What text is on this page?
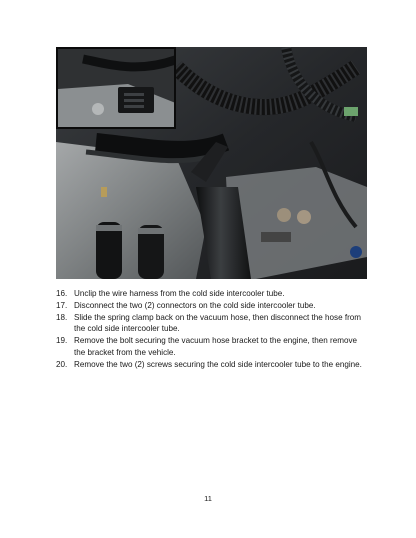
16. Unclip the wire harness from the cold side intercooler tube.
17. Disconnect the two (2) connectors on the cold side intercooler tube.
18. Slide the spring clamp back on the vacuum hose, then disconnect the hose from the cold side intercooler tube.
19. Remove the bolt securing the vacuum hose bracket to the engine, then remove the bracket from the vehicle.
20. Remove the two (2) screws securing the cold side intercooler tube to the engine.
11
